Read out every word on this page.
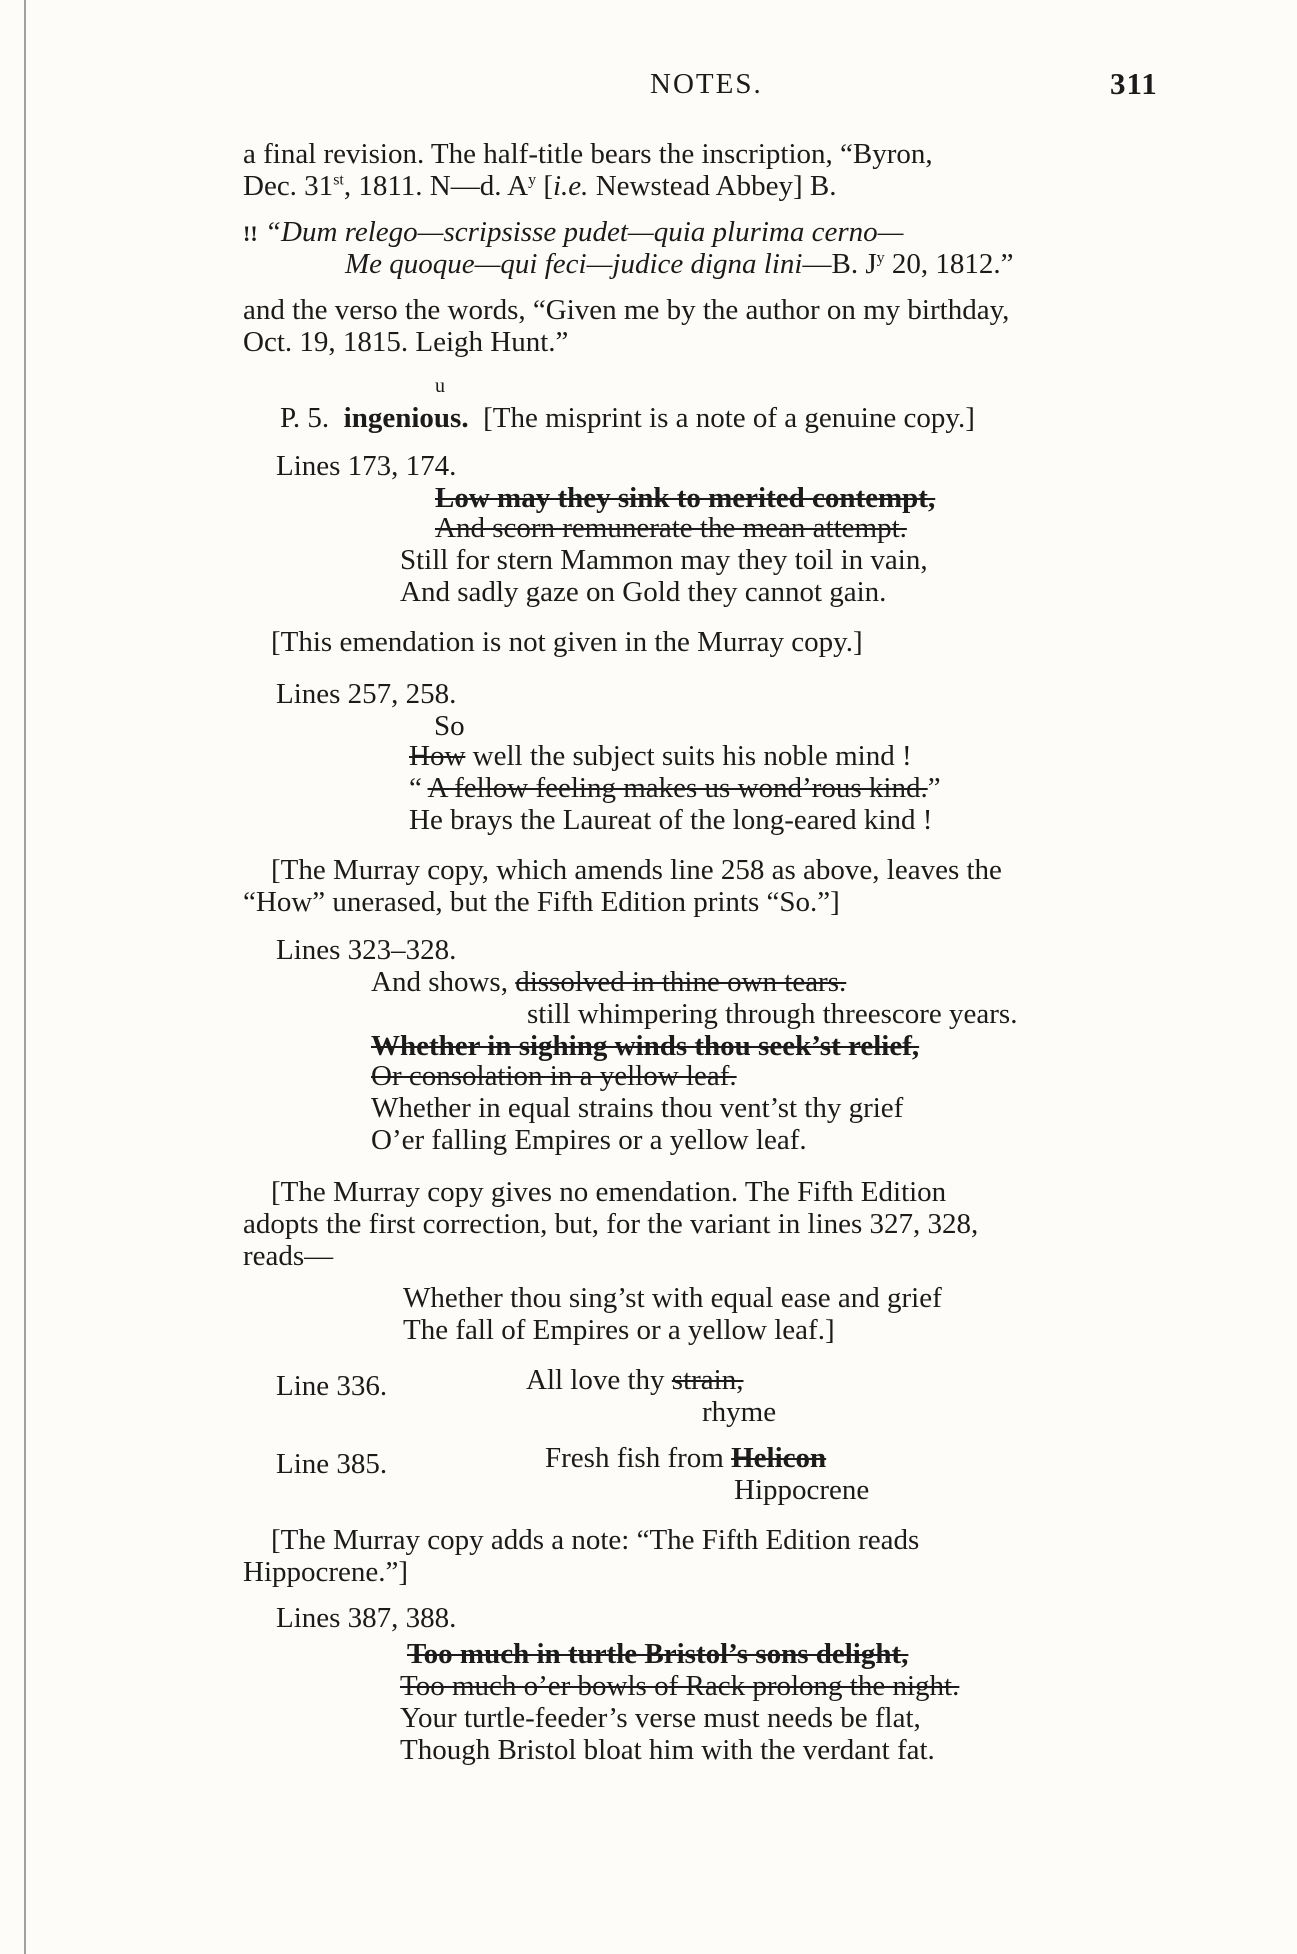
NOTES.	311
a final revision. The half-title bears the inscription, “Byron,
Dec. 31st, 1811. N—d. $A^y$ [i.e. Newstead Abbey] B.
!! “Dum relego—scripsisse pudet—quia plurima cerno—
Me quoque—qui feci—judice digna lini—B. $J^y$ 20, 1812.”
and the verso the words, “Given me by the author on my birthday,
Oct. 19, 1815. Leigh Hunt.”
u
P. 5. ingenious. [The misprint is a note of a genuine copy.]
Lines 173, 174.
Low may they sink to merited contempt,
And scorn remunerate the mean attempt.
Still for stern Mammon may they toil in vain,
And sadly gaze on Gold they cannot gain.
[This emendation is not given in the Murray copy.]
Lines 257, 258.
So
How well the subject suits his noble mind !
“ A fellow feeling makes us wond’rous kind.”
He brays the Laureat of the long-eared kind !
[The Murray copy, which amends line 258 as above, leaves the
“How” unerased, but the Fifth Edition prints “So.”]
Lines 323–328.
And shows, dissolved in thine own tears.
still whimpering through threescore years.
Whether in sighing winds thou seek’st relief,
Or consolation in a yellow leaf.
Whether in equal strains thou vent’st thy grief
O’er falling Empires or a yellow leaf.
[The Murray copy gives no emendation. The Fifth Edition
adopts the first correction, but, for the variant in lines 327, 328,
reads—
Whether thou sing’st with equal ease and grief
The fall of Empires or a yellow leaf.]
Line 336.	All love thy strain,
rhyme
Line 385.	Fresh fish from Helicon
Hippocrene
[The Murray copy adds a note: “The Fifth Edition reads
Hippocrene.”]
Lines 387, 388.
Too much in turtle Bristol’s sons delight,
Too much o’er bowls of Rack prolong the night.
Your turtle-feeder’s verse must needs be flat,
Though Bristol bloat him with the verdant fat.
